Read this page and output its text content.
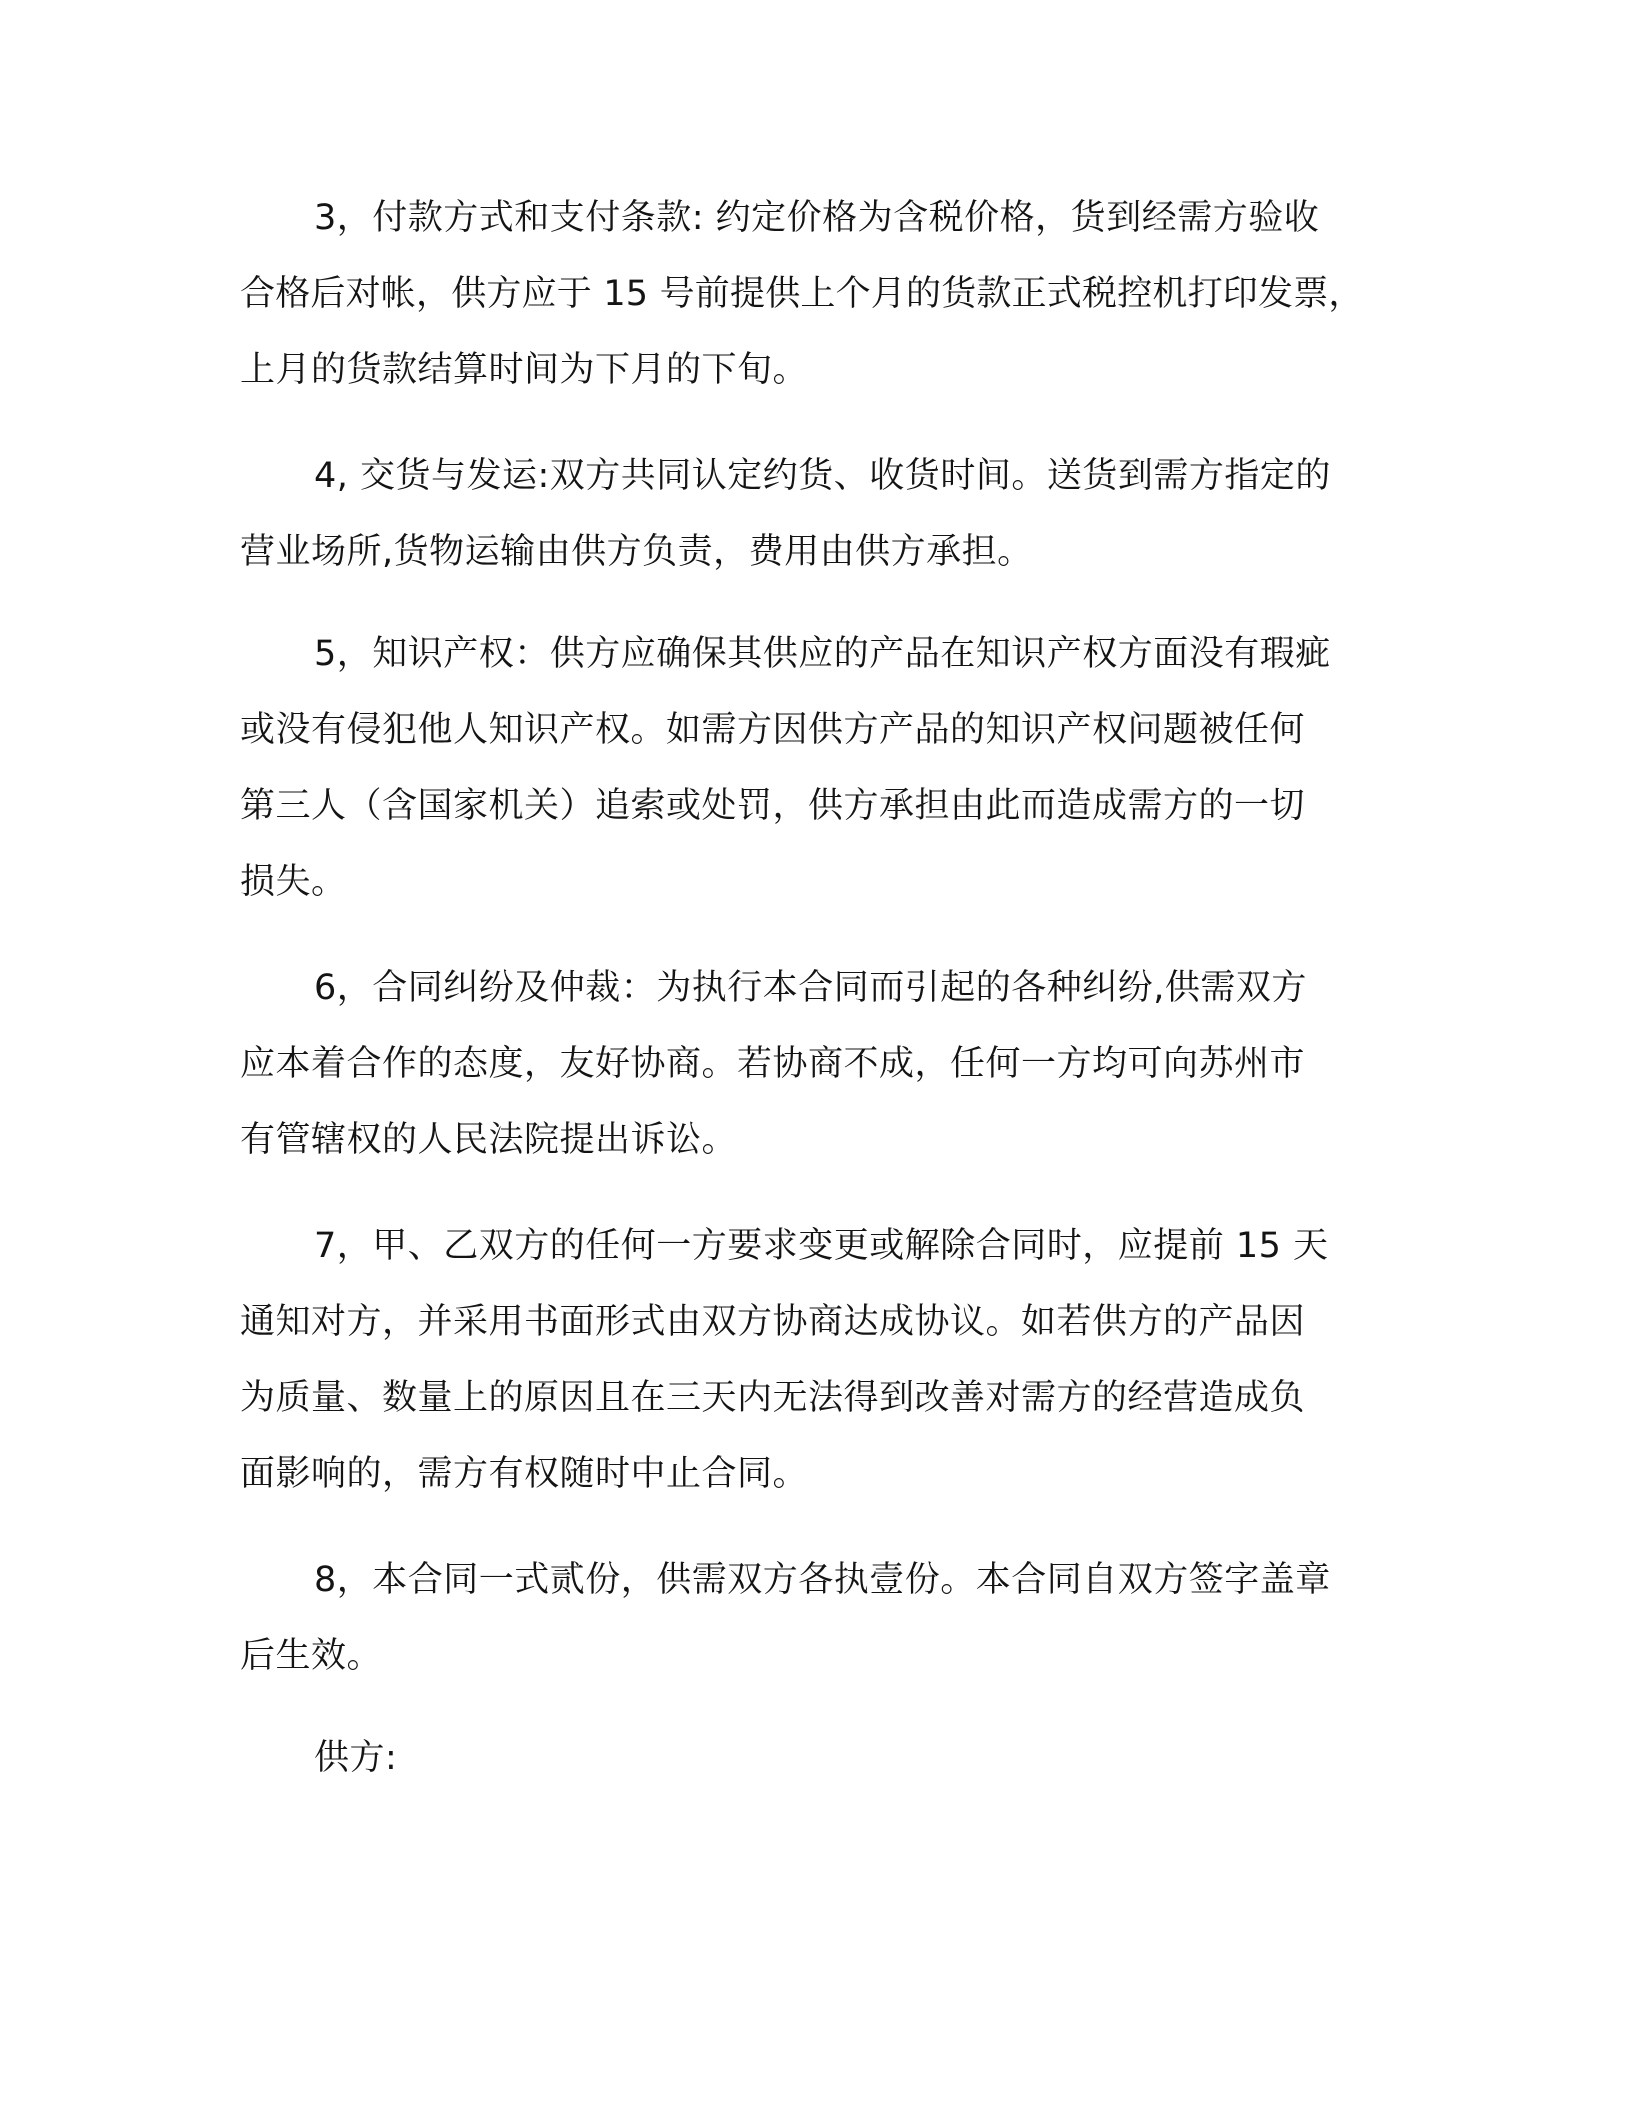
3，付款方式和支付条款: 约定价格为含税价格，货到经需方验收
合格后对帐，供方应于 15 号前提供上个月的货款正式税控机打印发票，
上月的货款结算时间为下月的下旬。
4, 交货与发运:双方共同认定约货、收货时间。送货到需方指定的
营业场所,货物运输由供方负责，费用由供方承担。
5，知识产权：供方应确保其供应的产品在知识产权方面没有瑕疵
或没有侵犯他人知识产权。如需方因供方产品的知识产权问题被任何
第三人（含国家机关）追索或处罚，供方承担由此而造成需方的一切
损失。
6，合同纠纷及仲裁：为执行本合同而引起的各种纠纷,供需双方
应本着合作的态度，友好协商。若协商不成，任何一方均可向苏州市
有管辖权的人民法院提出诉讼。
7，甲、乙双方的任何一方要求变更或解除合同时，应提前 15 天
通知对方，并采用书面形式由双方协商达成协议。如若供方的产品因
为质量、数量上的原因且在三天内无法得到改善对需方的经营造成负
面影响的，需方有权随时中止合同。
8，本合同一式贰份，供需双方各执壹份。本合同自双方签字盖章
后生效。
供方:
